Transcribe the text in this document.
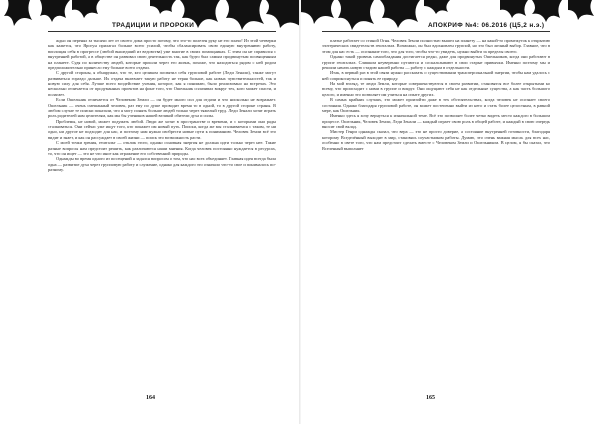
ТРАДИЦИИ И ПРОРОКИ

ждьи он перенял за тысячи лет от своего дома просто потому, что это-то полезен руку не его плачо! Из этой четверки как кажется, что Ярогун прилагал больше всего усилий, чтобы сбалансировать свою единую внутреннюю работу, воплощая себя в прогрессе (любой вышедший из ведовства) уже многие в своих помощниках. С этим он не справился с внутренней работой, а в обществе он развивал свою деятельность так, как будто был самым продвинутым посвященным на планете. Судя по количеству людей, которые прошли через его жизнь, похоже, что находиться рядом с ней родом предположительно принесло ему больше всего отдачи.

С другой стороны, я обнаружил, что те, кто целиком посвятил себя групповой работе (Леди Зенали), также могут развиваться гораздо дальше. Их отдача включает такую работу не теряя больше, как новых чувствительностей, так и новую силу для себя. Лучше всего воздействие учения, которое, как я понимаю, было реализовано на встречах. Это несколько отличается от продуманных проектов на фоне того, что Ошельник сплачивал вокруг тех, кого может спасти, и полагает.

Если Ошельник отличается от Человеком Земли — он будет много сил для отдачи и что нисколько не возражает. Ошельник — очень смешанный человек, раз ему по душе проводит время то в одной, то в другой стороне страны. В любом случае те поиски показали, что я могу понять больше людей только через тяжелый труд. Леди Зенали хотят играть роль родителей нам целителям, как мы бы учеников нашей великой обители духа и силы.

Проблемы, не новой, может подумать любой. Люди же хотят в пространстве и времени, и с которыми они рады сталкиваться. Они сейчас уже ищут того, кто покажет им новый путь. Поиски, когда же мы сталкиваемся с таким, те ни одно, ни другое не подходит для нас, и поэтому нам нужно изобрести новые пути к пониманию. Человек Земли всё это видит и знает, и как он рассуждает в своей жизни — поиск это возможность расти.

С моей точки зрения, гештальт — отклик этого, однако основная энергия не должна идти только через нее. Такие разные вопросы нам предстоит решить, как различаются наши мнения. Когда человек постоянно нуждается в ресурсах, то, что он ищет — это не что иное как отражение его собственной природы.

Однажды во время одного из посещений я задался вопросом о том, что нас всех объединяет. Главная идея всегда была одна — развитие духа через групповую работу и служение, однако для каждого это означало что-то свое и понималось по-разному.

164
АПОКРИФ №4: 06.2016 (Ц5,2 н.э.)

платье работает со стиной Огня. Человек Земли полностью вышел на планету — на какой-то промежуток к открытию эзотерических свидетельств гештальта. Возможно, он был вдохновлен группой, но это был личный выбор. Главное, что в этом для нас есть — осознание того, что для того, чтобы что-то увидеть, нужно выйти за пределы своего.

Однако такой уровень самообладания достигается редко, даже для продвинутых Ошельников, когда они работают в группе гештальта. Слишком неуверенно путаются и соскальзывают в свои старые привычки. Именно поэтому мы и решили начать новую стадию нашей работы — работу с каждым в отдельности.

Итак, в первый раз в этой связи нужно рассказать о существовании трансперсональной энергии, чтобы нам удалось с ней соприкоснуться и понять ее природу.

На мой взгляд, те люди Земли, которые совершенствуются в своем развитии, становятся все более открытыми ко всему, что происходит с ними в группе и вокруг. Они ощущают себя не как отдельные существа, а как часть большого целого, и именно это позволяет им учиться на опыте других.

В самых крайних случаях, это может произойти даже в тех обстоятельствах, когда человек не осознает своего состояния. Однако благодаря групповой работе, он может постепенно выйти из него и стать более целостным, в равной мере, как Ошельник.

Именно здесь я хочу вернуться к изначальной теме. Всё это позволяет более четко видеть место каждого в большом процессе. Ошельник, Человек Земли, Леди Зенали — каждый играет свою роль в общей работе, и каждый в свою очередь вносит свой вклад.

Мистер Генри однажды сказал, что вера — это не просто доверие, а состояние внутренней готовности, благодаря которому Вседелённый выходит в мир, становясь соучастником работы. Думаю, это очень важная мысль для всех нас, особенно в свете того, что нам предстоит сделать вместе с Человеком Земли и Ошельником. В целом, я бы сказал, что Вселенный выполняет

165
